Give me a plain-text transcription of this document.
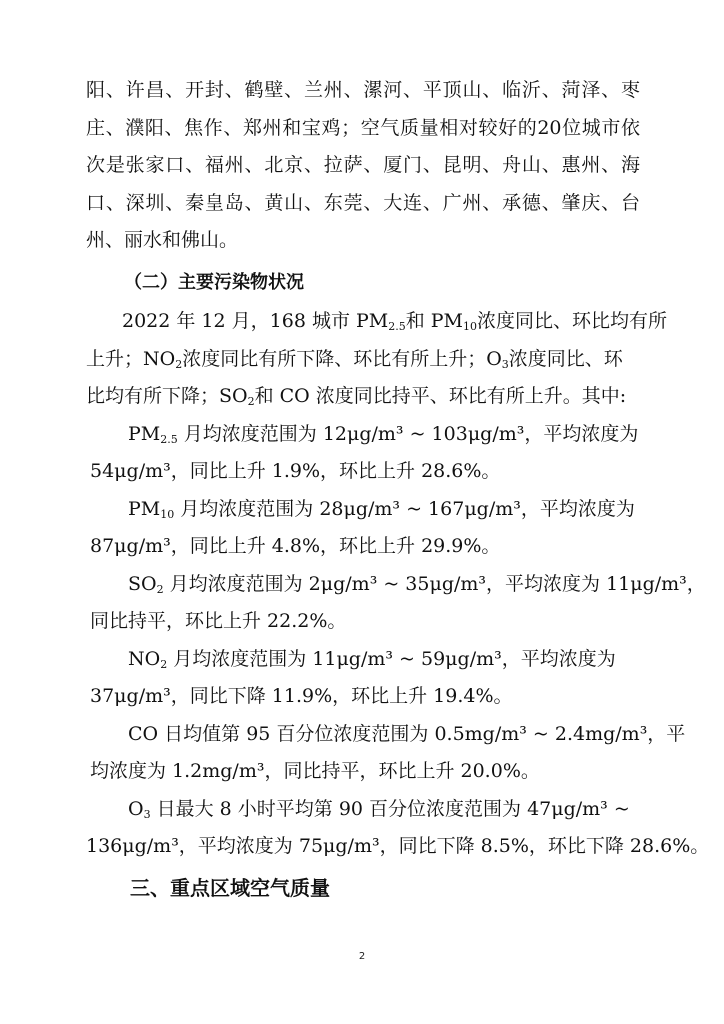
阳、许昌、开封、鹤壁、兰州、漯河、平顶山、临沂、菏泽、枣
庄、濮阳、焦作、郑州和宝鸡；空气质量相对较好的20位城市依
次是张家口、福州、北京、拉萨、厦门、昆明、舟山、惠州、海
口、深圳、秦皇岛、黄山、东莞、大连、广州、承德、肇庆、台
州、丽水和佛山。
（二）主要污染物状况
2022 年 12 月，168 城市 $PM_{2.5}$和 $PM_{10}$浓度同比、环比均有所
上升；$NO_2$浓度同比有所下降、环比有所上升；$O_3$浓度同比、环
比均有所下降；$SO_2$和 CO 浓度同比持平、环比有所上升。其中:
$PM_{2.5}$ 月均浓度范围为 12μg/m³ ~ 103μg/m³，平均浓度为
54μg/m³，同比上升 1.9%，环比上升 28.6%。
$PM_{10}$ 月均浓度范围为 28μg/m³ ~ 167μg/m³，平均浓度为
87μg/m³，同比上升 4.8%，环比上升 29.9%。
$SO_2$ 月均浓度范围为 2μg/m³ ~ 35μg/m³，平均浓度为 11μg/m³，
同比持平，环比上升 22.2%。
$NO_2$ 月均浓度范围为 11μg/m³ ~ 59μg/m³，平均浓度为
37μg/m³，同比下降 11.9%，环比上升 19.4%。
CO 日均值第 95 百分位浓度范围为 0.5mg/m³ ~ 2.4mg/m³，平
均浓度为 1.2mg/m³，同比持平，环比上升 20.0%。
$O_3$ 日最大 8 小时平均第 90 百分位浓度范围为 47μg/m³ ~
136μg/m³，平均浓度为 75μg/m³，同比下降 8.5%，环比下降 28.6%。
三、重点区域空气质量
2
